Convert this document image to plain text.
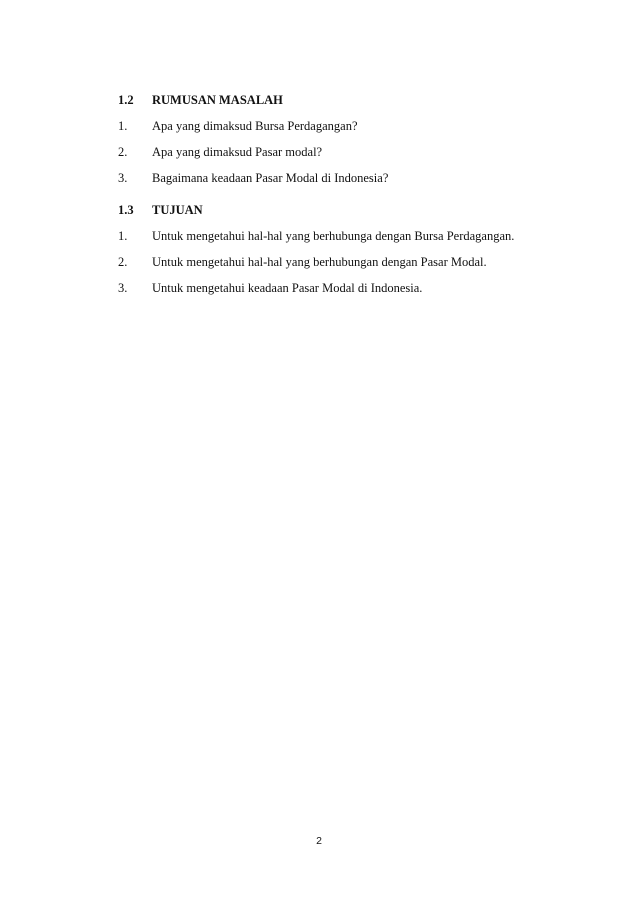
1.2	RUMUSAN MASALAH
1.	Apa yang dimaksud Bursa Perdagangan?
2.	Apa yang dimaksud Pasar modal?
3.	Bagaimana keadaan Pasar Modal di Indonesia?
1.3	TUJUAN
1.	Untuk mengetahui hal-hal yang berhubunga dengan Bursa Perdagangan.
2.	Untuk mengetahui hal-hal yang berhubungan dengan Pasar Modal.
3.	Untuk mengetahui keadaan Pasar Modal di Indonesia.
2
